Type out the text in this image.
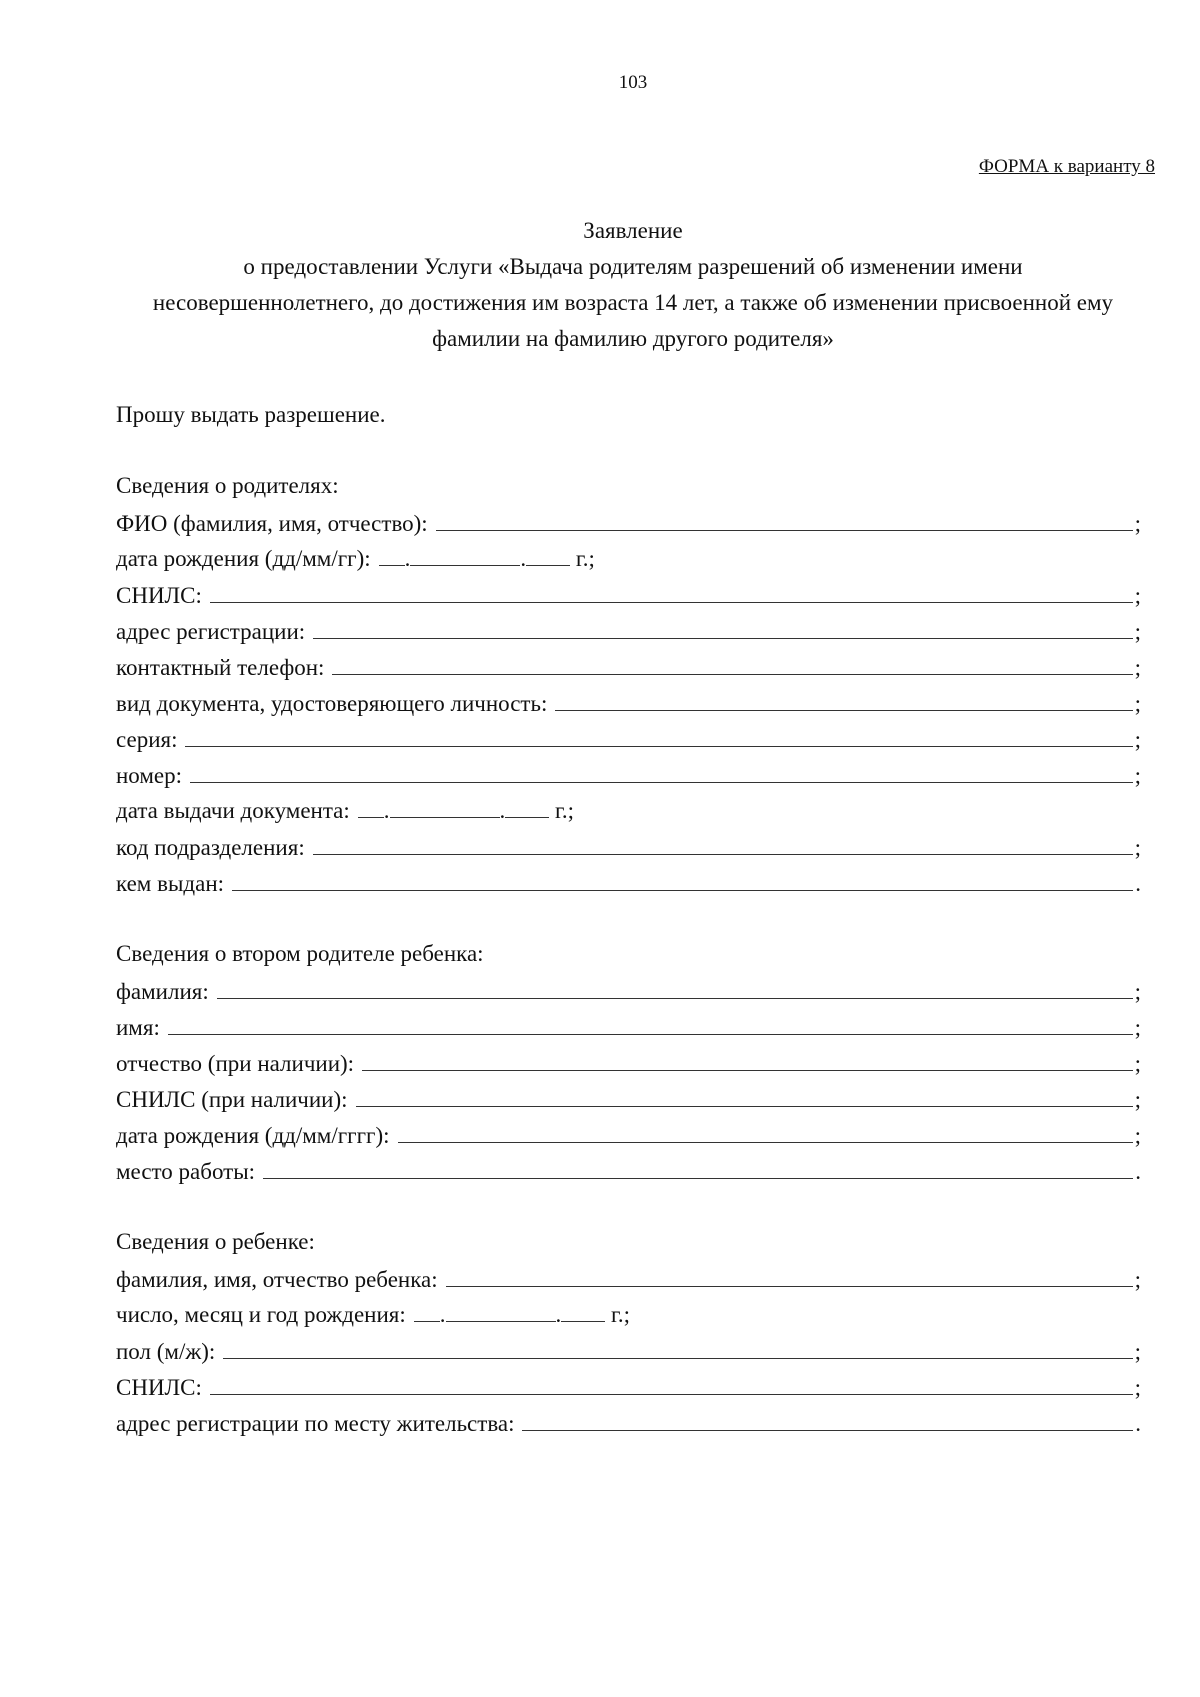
103
ФОРМА к варианту 8
Заявление
о предоставлении Услуги «Выдача родителям разрешений об изменении имени
несовершеннолетнего, до достижения им возраста 14 лет, а также об изменении присвоенной ему
фамилии на фамилию другого родителя»
Прошу выдать разрешение.
Сведения о родителях:
ФИО (фамилия, имя, отчество):	;
дата рождения (дд/мм/гг): .	. г.;
СНИЛС:	;
адрес регистрации:	;
контактный телефон:	;
вид документа, удостоверяющего личность:	;
серия:	;
номер:	;
дата выдачи документа: .	. г.;
код подразделения:	;
кем выдан:	.
Сведения о втором родителе ребенка:
фамилия:	;
имя:	;
отчество (при наличии):	;
СНИЛС (при наличии):	;
дата рождения (дд/мм/гггг):	;
место работы:	.
Сведения о ребенке:
фамилия, имя, отчество ребенка:	;
число, месяц и год рождения: .	. г.;
пол (м/ж):	;
СНИЛС:	;
адрес регистрации по месту жительства:	.
